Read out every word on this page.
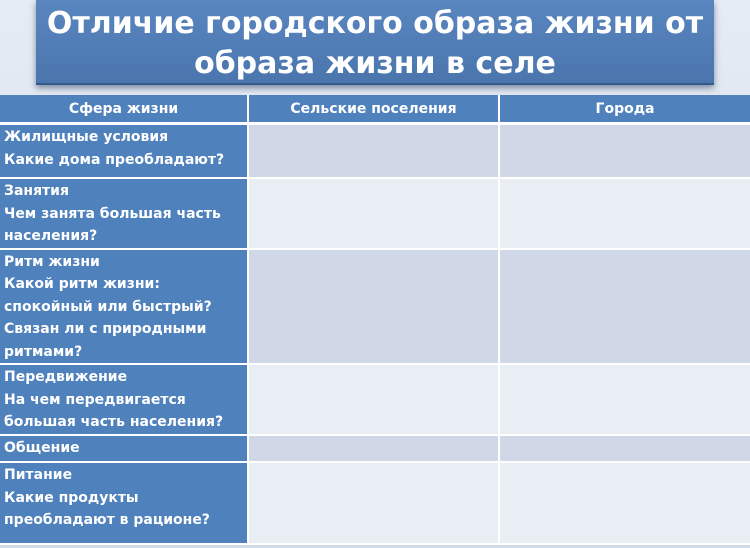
Отличие городского образа жизни от
образа жизни в селе
Сфера жизни	Сельские поселения	Города

Жилищные условия
Какие дома преобладают?		

Занятия
Чем занята большая часть
населения?		

Ритм жизни
Какой ритм жизни:
спокойный или быстрый?
Связан ли с природными
ритмами?		

Передвижение
На чем передвигается
большая часть населения?		

Общение		

Питание
Какие продукты
преобладают в рационе?		
